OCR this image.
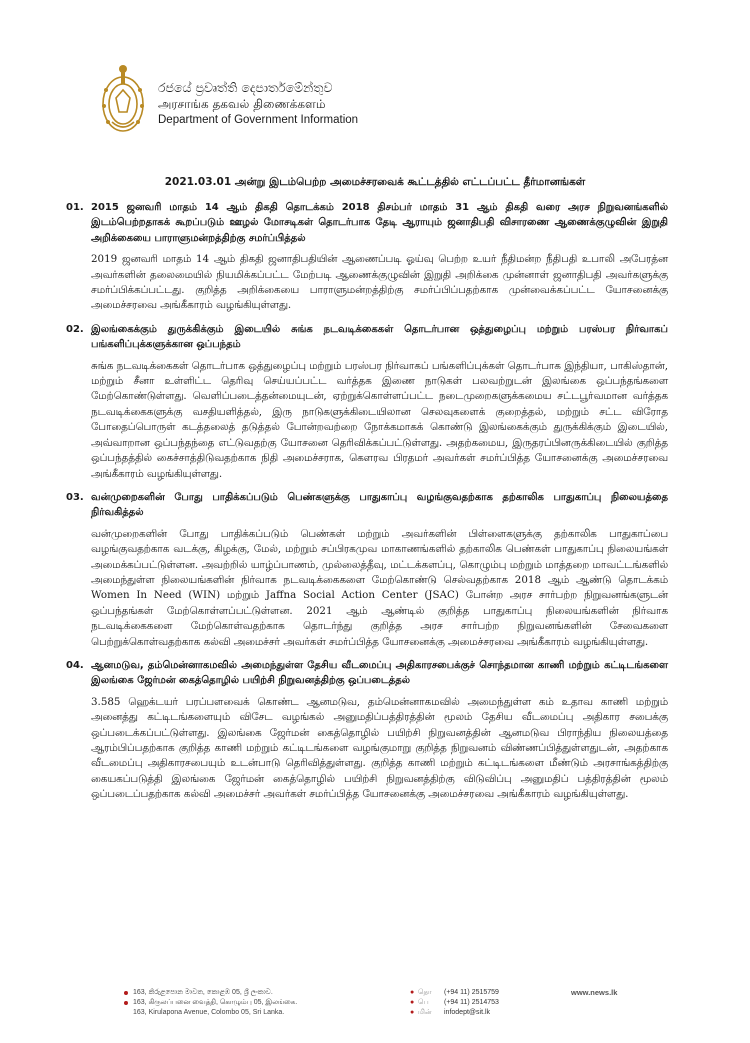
රජයේ ප්‍රවෘත්ති දෙපාර්තමේන්තුව
அரசாங்க தகவல் திணைக்களம்
Department of Government Information
2021.03.01 அன்று இடம்பெற்ற அமைச்சரவைக் கூட்டத்தில் எட்டப்பட்ட தீர்மானங்கள்
01. 2015 ஜனவரி மாதம் 14 ஆம் திகதி தொடக்கம் 2018 திசம்பர் மாதம் 31 ஆம் திகதி வரை அரச நிறுவனங்களில் இடம்பெற்றதாகக் கூறப்படும் ஊழல் மோசடிகள் தொடர்பாக தேடி ஆராயும் ஜனாதிபதி விசாரணை ஆணைக்குழுவின் இறுதி அறிக்கையை பாராளுமன்றத்திற்கு சமர்ப்பித்தல்
2019 ஜனவரி மாதம் 14 ஆம் திகதி ஜனாதிபதியின் ஆணைப்படி ஓய்வு பெற்ற உயர் நீதிமன்ற நீதிபதி உபாலி அபேரத்ன அவர்களின் தலைமையில் நியமிக்கப்பட்ட மேற்படி ஆணைக்குழுவின் இறுதி அறிக்கை முன்னாள் ஜனாதிபதி அவர்களுக்கு சமர்ப்பிக்கப்பட்டது. குறித்த அறிக்கையை பாராளுமன்றத்திற்கு சமர்ப்பிப்பதற்காக முன்வைக்கப்பட்ட யோசனைக்கு அமைச்சரவை அங்கீகாரம் வழங்கியுள்ளது.
02. இலங்கைக்கும் துருக்கிக்கும் இடையில் சுங்க நடவடிக்கைகள் தொடர்பான ஒத்துழைப்பு மற்றும் பரஸ்பர நிர்வாகப் பங்களிப்புக்களுக்கான ஒப்பந்தம்
சுங்க நடவடிக்கைகள் தொடர்பாக ஒத்துழைப்பு மற்றும் பரஸ்பர நிர்வாகப் பங்களிப்புக்கள் தொடர்பாக இந்தியா, பாகிஸ்தான், மற்றும் சீனா உள்ளிட்ட தெரிவு செய்யப்பட்ட வர்த்தக இணை நாடுகள் பலவற்றுடன் இலங்கை ஒப்பந்தங்களை மேற்கொண்டுள்ளது. வெளிப்படைத்தன்மையுடன், ஏற்றுக்கொள்ளப்பட்ட நடைமுறைகளுக்கமைய சட்டபூர்வமான வர்த்தக நடவடிக்கைகளுக்கு வசதியளித்தல், இரு நாடுகளுக்கிடையிலான செலவுகளைக் குறைத்தல், மற்றும் சட்ட விரோத போதைப்பொருள் கடத்தலைத் தடுத்தல் போன்றவற்றை நோக்கமாகக் கொண்டு இலங்கைக்கும் துருக்கிக்கும் இடையில், அவ்வாறான ஒப்பந்தந்தை எட்டுவதற்கு யோசனை தெரிவிக்கப்பட்டுள்ளது. அதற்கமைய, இருதரப்பினருக்கிடையில் குறித்த ஒப்பந்தத்தில் கைச்சாத்திடுவதற்காக நிதி அமைச்சராக, கௌரவ பிரதமர் அவர்கள் சமர்ப்பித்த யோசனைக்கு அமைச்சரவை அங்கீகாரம் வழங்கியுள்ளது.
03. வன்முறைகளின் போது பாதிக்கப்படும் பெண்களுக்கு பாதுகாப்பு வழங்குவதற்காக தற்காலிக பாதுகாப்பு நிலையத்தை நிர்வகித்தல்
வன்முறைகளின் போது பாதிக்கப்படும் பெண்கள் மற்றும் அவர்களின் பிள்ளைகளுக்கு தற்காலிக பாதுகாப்பை வழங்குவதற்காக வடக்கு, கிழக்கு, மேல், மற்றும் சப்பிரகமுவ மாகாணங்களில் தற்காலிக பெண்கள் பாதுகாப்பு நிலையங்கள் அமைக்கப்பட்டுள்ளன. அவற்றில் யாழ்ப்பாணம், முல்லைத்தீவு, மட்டக்களப்பு, கொழும்பு மற்றும் மாத்தறை மாவட்டங்களில் அமைந்துள்ள நிலையங்களின் நிர்வாக நடவடிக்கைகளை மேற்கொண்டு செல்வதற்காக 2018 ஆம் ஆண்டு தொடக்கம் Women In Need (WIN) மற்றும் Jaffna Social Action Center (JSAC) போன்ற அரச சார்பற்ற நிறுவனங்களுடன் ஒப்பந்தங்கள் மேற்கொள்ளப்பட்டுள்ளன. 2021 ஆம் ஆண்டில் குறித்த பாதுகாப்பு நிலையங்களின் நிர்வாக நடவடிக்கைகளை மேற்கொள்வதற்காக தொடர்ந்து குறித்த அரச சார்பற்ற நிறுவனங்களின் சேவைகளை பெற்றுக்கொள்வதற்காக கல்வி அமைச்சர் அவர்கள் சமர்ப்பித்த யோசனைக்கு அமைச்சரவை அங்கீகாரம் வழங்கியுள்ளது.
04. ஆனமடுவ, தம்மென்னாகமவில் அமைந்துள்ள தேசிய வீடமைப்பு அதிகாரசபைக்குச் சொந்தமான காணி மற்றும் கட்டிடங்களை இலங்கை ஜேர்மன் கைத்தொழில் பயிற்சி நிறுவனத்திற்கு ஒப்படைத்தல்
3.585 ஹெக்டயர் பரப்பளவைக் கொண்ட ஆனமடுவ, தம்மென்னாகமவில் அமைந்துள்ள கம் உதாவ காணி மற்றும் அனைத்து கட்டிடங்களையும் விசேட வழங்கல் அனுமதிப்பத்திரத்தின் மூலம் தேசிய வீடமைப்பு அதிகார சபைக்கு ஒப்படைக்கப்பட்டுள்ளது. இலங்கை ஜேர்மன் கைத்தொழில் பயிற்சி நிறுவனத்தின் ஆனமடுவ பிராந்திய நிலையத்தை ஆரம்பிப்பதற்காக குறித்த காணி மற்றும் கட்டிடங்களை வழங்குமாறு குறித்த நிறுவனம் விண்ணப்பித்துள்ளதுடன், அதற்காக வீடமைப்பு அதிகாரசபையும் உடன்பாடு தெரிவித்துள்ளது. குறித்த காணி மற்றும் கட்டிடங்களை மீண்டும் அரசாங்கத்திற்கு கையகப்படுத்தி இலங்கை ஜேர்மன் கைத்தொழில் பயிற்சி நிறுவனத்திற்கு விடுவிப்பு அனுமதிப் பத்திரத்தின் மூலம் ஒப்படைப்பதற்காக கல்வி அமைச்சர் அவர்கள் சமர்ப்பித்த யோசனைக்கு அமைச்சரவை அங்கீகாரம் வழங்கியுள்ளது.
163, කිරුළපොන මාවත, කොළඹ 05, ශ්‍රී ලංකාව.
163, கிருலப்பனை வைத்தி, கொழும்பு 05, இலங்கை.
163, Kirulapona Avenue, Colombo 05, Sri Lanka.
● தொ	(+94 11) 2515759
● பெ	(+94 11) 2514753
● மின்	infodept@sit.lk
www.news.lk
